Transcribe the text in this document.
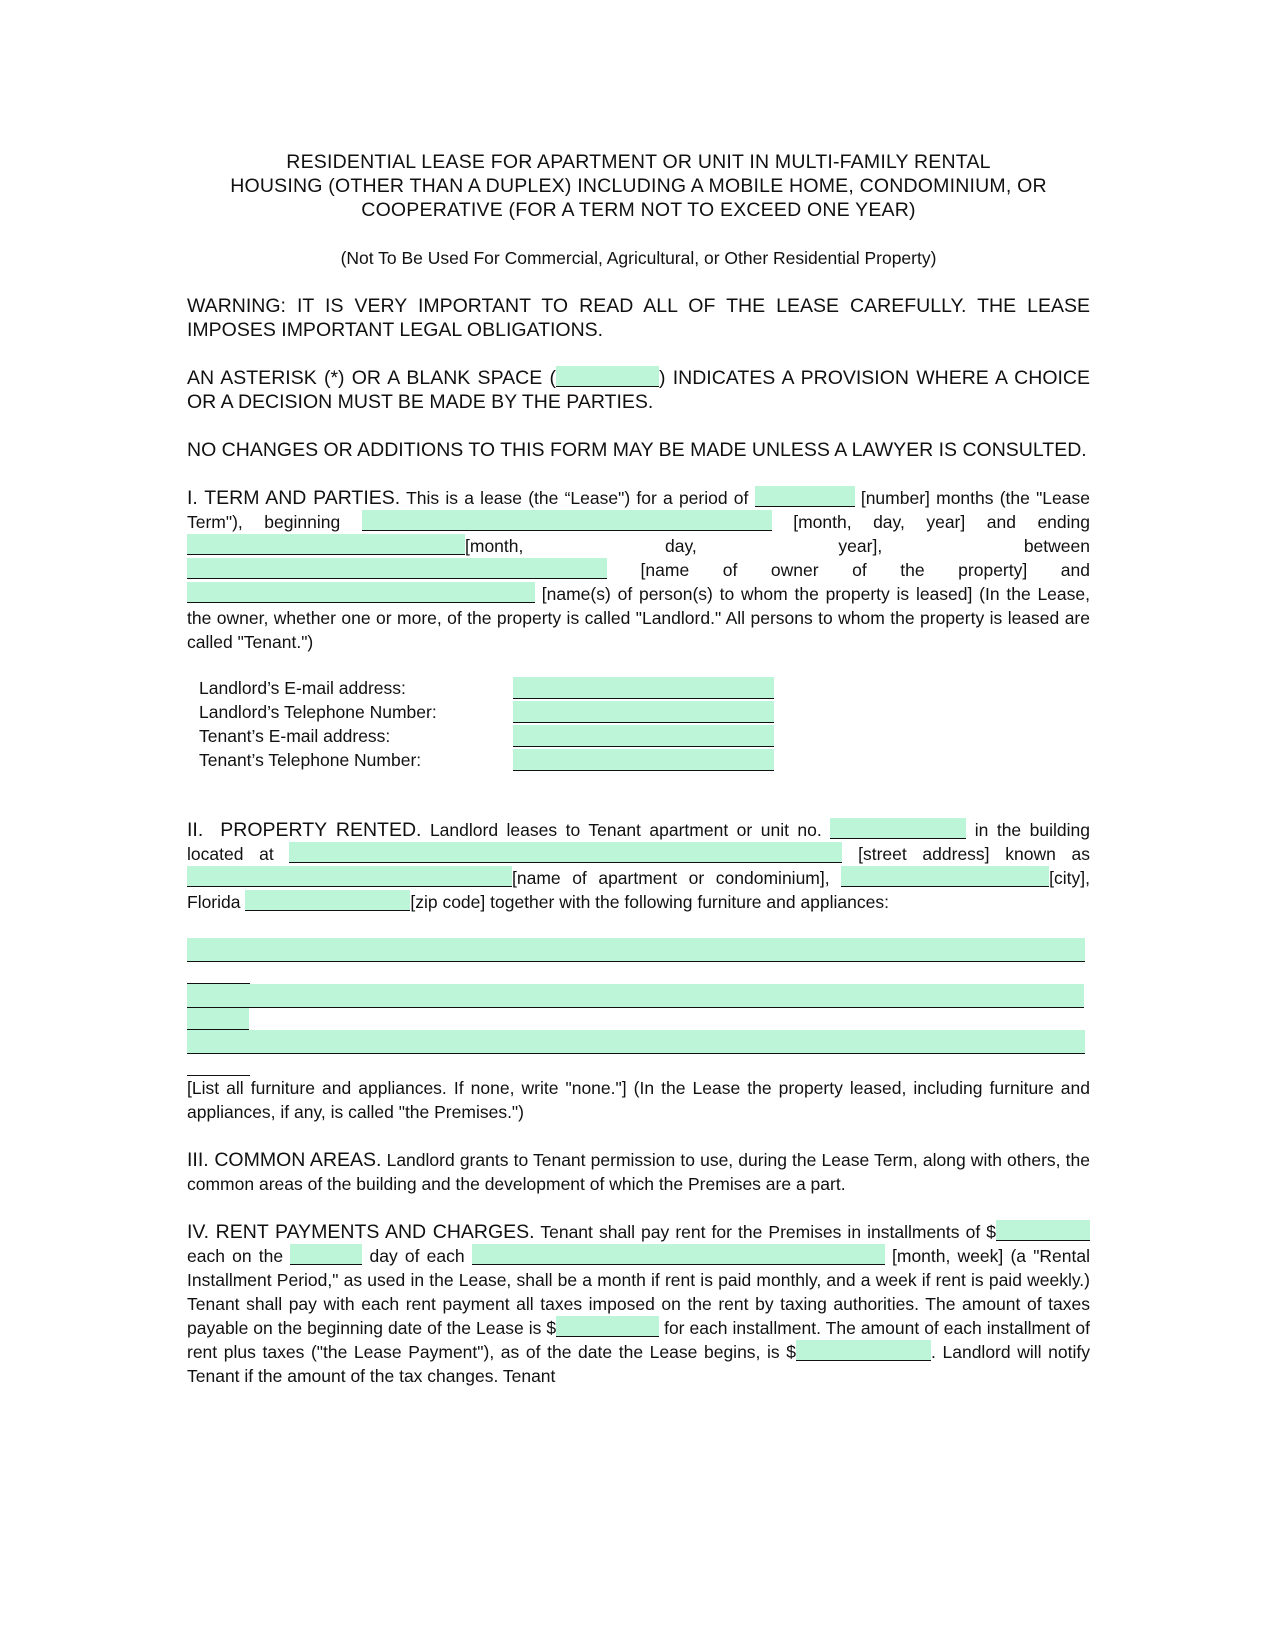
RESIDENTIAL LEASE FOR APARTMENT OR UNIT IN MULTI-FAMILY RENTAL
HOUSING (OTHER THAN A DUPLEX) INCLUDING A MOBILE HOME, CONDOMINIUM, OR
COOPERATIVE (FOR A TERM NOT TO EXCEED ONE YEAR)
(Not To Be Used For Commercial, Agricultural, or Other Residential Property)
WARNING: IT IS VERY IMPORTANT TO READ ALL OF THE LEASE CAREFULLY. THE LEASE IMPOSES IMPORTANT LEGAL OBLIGATIONS.
AN ASTERISK (*) OR A BLANK SPACE (	) INDICATES A PROVISION WHERE A CHOICE OR A DECISION MUST BE MADE BY THE PARTIES.
NO CHANGES OR ADDITIONS TO THIS FORM MAY BE MADE UNLESS A LAWYER IS CONSULTED.
I. TERM AND PARTIES. This is a lease (the “Lease") for a period of	[number] months (the "Lease Term"), beginning	[month, day, year] and ending [month, day, year], between  [name of owner of the property] and  [name(s) of person(s) to whom the property is leased] (In the Lease, the owner, whether one or more, of the property is called "Landlord." All persons to whom the property is leased are called "Tenant.")
Landlord’s E-mail address:
Landlord’s Telephone Number:
Tenant’s E-mail address:
Tenant’s Telephone Number:
II. PROPERTY RENTED. Landlord leases to Tenant apartment or unit no.	in the building located at	[street address] known as [name of apartment or condominium],	[city], Florida	[zip code] together with the following furniture and appliances:
[List all furniture and appliances. If none, write "none."] (In the Lease the property leased, including furniture and appliances, if any, is called "the Premises.")
III. COMMON AREAS. Landlord grants to Tenant permission to use, during the Lease Term, along with others, the common areas of the building and the development of which the Premises are a part.
IV. RENT PAYMENTS AND CHARGES. Tenant shall pay rent for the Premises in installments of $ each on the	day of each	[month, week] (a "Rental Installment Period," as used in the Lease, shall be a month if rent is paid monthly, and a week if rent is paid weekly.) Tenant shall pay with each rent payment all taxes imposed on the rent by taxing authorities. The amount of taxes payable on the beginning date of the Lease is $	for each installment. The amount of each installment of rent plus taxes ("the Lease Payment"), as of the date the Lease begins, is $	. Landlord will notify Tenant if the amount of the tax changes. Tenant
